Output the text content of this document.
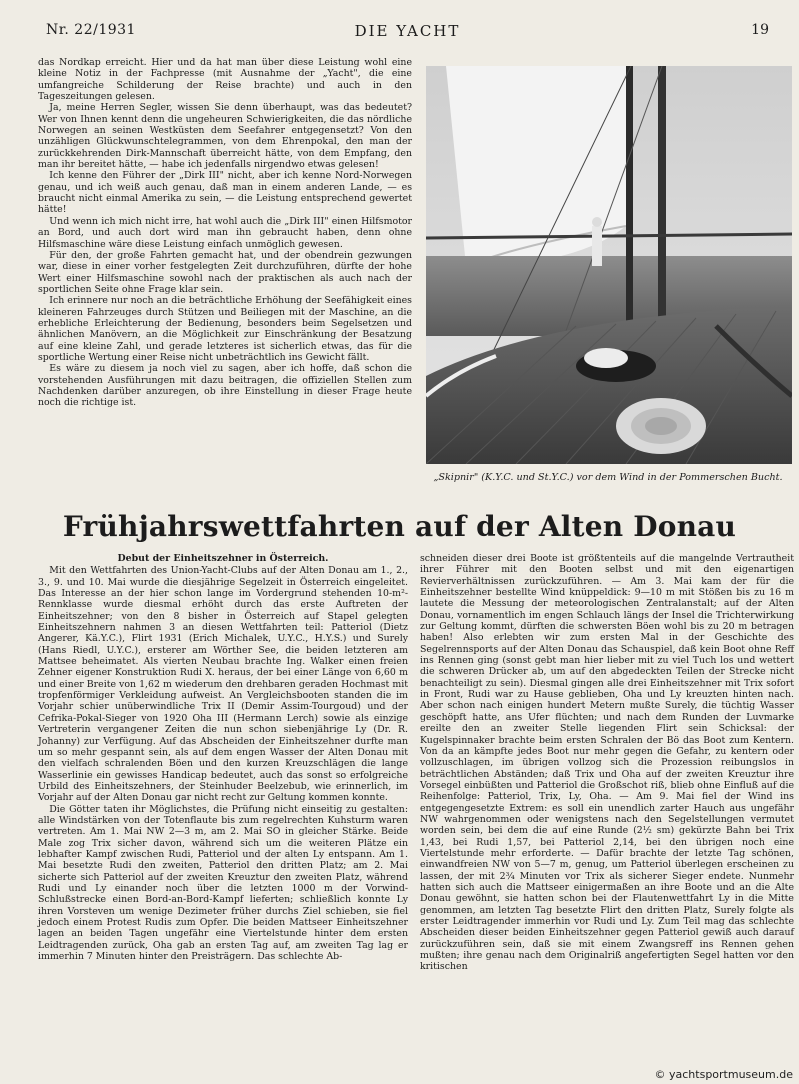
Nr. 22/1931	DIE YACHT	19

das Nordkap erreicht. Hier und da hat man über diese Leistung wohl eine kleine Notiz in der Fachpresse (mit Ausnahme der „Yacht", die eine umfangreiche Schilderung der Reise brachte) und auch in den Tageszeitungen gelesen.

Ja, meine Herren Segler, wissen Sie denn überhaupt, was das bedeutet? Wer von Ihnen kennt denn die ungeheuren Schwierigkeiten, die das nördliche Norwegen an seinen Westküsten dem Seefahrer entgegensetzt? Von den unzähligen Glückwunschtelegrammen, von dem Ehrenpokal, den man der zurückkehrenden Dirk-Mannschaft überreicht hätte, von dem Empfang, den man ihr bereitet hätte, — habe ich jedenfalls nirgendwo etwas gelesen!

Ich kenne den Führer der „Dirk III" nicht, aber ich kenne Nord-Norwegen genau, und ich weiß auch genau, daß man in einem anderen Lande, — es braucht nicht einmal Amerika zu sein, — die Leistung entsprechend gewertet hätte!

Und wenn ich mich nicht irre, hat wohl auch die „Dirk III" einen Hilfsmotor an Bord, und auch dort wird man ihn gebraucht haben, denn ohne Hilfsmaschine wäre diese Leistung einfach unmöglich gewesen.

Für den, der große Fahrten gemacht hat, und der obendrein gezwungen war, diese in einer vorher festgelegten Zeit durchzuführen, dürfte der hohe Wert einer Hilfsmaschine sowohl nach der praktischen als auch nach der sportlichen Seite ohne Frage klar sein.

Ich erinnere nur noch an die beträchtliche Erhöhung der Seefähigkeit eines kleineren Fahrzeuges durch Stützen und Beiliegen mit der Maschine, an die erhebliche Erleichterung der Bedienung, besonders beim Segelsetzen und ähnlichen Manövern, an die Möglichkeit zur Einschränkung der Besatzung auf eine kleine Zahl, und gerade letzteres ist sicherlich etwas, das für die sportliche Wertung einer Reise nicht unbeträchtlich ins Gewicht fällt.

Es wäre zu diesem ja noch viel zu sagen, aber ich hoffe, daß schon die vorstehenden Ausführungen mit dazu beitragen, die offiziellen Stellen zum Nachdenken darüber anzuregen, ob ihre Einstellung in dieser Frage heute noch die richtige ist.

„Skipnir" (K.Y.C. und St.Y.C.) vor dem Wind in der Pommerschen Bucht.
Frühjahrswettfahrten auf der Alten Donau
Debut der Einheitszehner in Österreich.

Mit den Wettfahrten des Union-Yacht-Clubs auf der Alten Donau am 1., 2., 3., 9. und 10. Mai wurde die diesjährige Segelzeit in Österreich eingeleitet. Das Interesse an der hier schon lange im Vordergrund stehenden 10-m²-Rennklasse wurde diesmal erhöht durch das erste Auftreten der Einheitszehner; von den 8 bisher in Österreich auf Stapel gelegten Einheitszehnern nahmen 3 an diesen Wettfahrten teil: Patteriol (Dietz Angerer, Kä.Y.C.), Flirt 1931 (Erich Michalek, U.Y.C., H.Y.S.) und Surely (Hans Riedl, U.Y.C.), ersterer am Wörther See, die beiden letzteren am Mattsee beheimatet. Als vierten Neubau brachte Ing. Walker einen freien Zehner eigener Konstruktion Rudi X. heraus, der bei einer Länge von 6,60 m und einer Breite von 1,62 m wiederum den drehbaren geraden Hochmast mit tropfenförmiger Verkleidung aufweist. An Vergleichsbooten standen die im Vorjahr schier unüberwindliche Trix II (Demir Assim-Tourgoud) und der Cefrika-Pokal-Sieger von 1920 Oha III (Hermann Lerch) sowie als einzige Vertreterin vergangener Zeiten die nun schon siebenjährige Ly (Dr. R. Johanny) zur Verfügung. Auf das Abscheiden der Einheitszehner durfte man um so mehr gespannt sein, als auf dem engen Wasser der Alten Donau mit den vielfach schralenden Böen und den kurzen Kreuzschlägen die lange Wasserlinie ein gewisses Handicap bedeutet, auch das sonst so erfolgreiche Urbild des Einheitszehners, der Steinhuder Beelzebub, wie erinnerlich, im Vorjahr auf der Alten Donau gar nicht recht zur Geltung kommen konnte.

Die Götter taten ihr Möglichstes, die Prüfung nicht einseitig zu gestalten: alle Windstärken von der Totenflaute bis zum regelrechten Kuhsturm waren vertreten. Am 1. Mai NW 2—3 m, am 2. Mai SO in gleicher Stärke. Beide Male zog Trix sicher davon, während sich um die weiteren Plätze ein lebhafter Kampf zwischen Rudi, Patteriol und der alten Ly entspann. Am 1. Mai besetzte Rudi den zweiten, Patteriol den dritten Platz; am 2. Mai sicherte sich Patteriol auf der zweiten Kreuztur den zweiten Platz, während Rudi und Ly einander noch über die letzten 1000 m der Vorwind-Schlußstrecke einen Bord-an-Bord-Kampf lieferten; schließlich konnte Ly ihren Vorsteven um wenige Dezimeter früher durchs Ziel schieben, sie fiel jedoch einem Protest Rudis zum Opfer. Die beiden Mattseer Einheitszehner lagen an beiden Tagen ungefähr eine Viertelstunde hinter dem ersten Leidtragenden zurück, Oha gab an ersten Tag auf, am zweiten Tag lag er immerhin 7 Minuten hinter den Preisträgern. Das schlechte Ab-

schneiden dieser drei Boote ist größtenteils auf die mangelnde Vertrautheit ihrer Führer mit den Booten selbst und mit den eigenartigen Revierverhältnissen zurückzuführen. — Am 3. Mai kam der für die Einheitszehner bestellte Wind knüppeldick: 9—10 m mit Stößen bis zu 16 m lautete die Messung der meteorologischen Zentralanstalt; auf der Alten Donau, vornamentlich im engen Schlauch längs der Insel die Trichterwirkung zur Geltung kommt, dürften die schwersten Böen wohl bis zu 20 m betragen haben! Also erlebten wir zum ersten Mal in der Geschichte des Segelrennsports auf der Alten Donau das Schauspiel, daß kein Boot ohne Reff ins Rennen ging (sonst gebt man hier lieber mit zu viel Tuch los und wettert die schweren Drücker ab, um auf den abgedeckten Teilen der Strecke nicht benachteiligt zu sein). Diesmal gingen alle drei Einheitszehner mit Trix sofort in Front, Rudi war zu Hause geblieben, Oha und Ly kreuzten hinten nach. Aber schon nach einigen hundert Metern mußte Surely, die tüchtig Wasser geschöpft hatte, ans Ufer flüchten; und nach dem Runden der Luvmarke ereilte den an zweiter Stelle liegenden Flirt sein Schicksal: der Kugelspinnaker brachte beim ersten Schralen der Bö das Boot zum Kentern. Von da an kämpfte jedes Boot nur mehr gegen die Gefahr, zu kentern oder vollzuschlagen, im übrigen vollzog sich die Prozession reibungslos in beträchtlichen Abständen; daß Trix und Oha auf der zweiten Kreuztur ihre Vorsegel einbüßten und Patteriol die Großschot riß, blieb ohne Einfluß auf die Reihenfolge: Patteriol, Trix, Ly, Oha. — Am 9. Mai fiel der Wind ins entgegengesetzte Extrem: es soll ein unendlich zarter Hauch aus ungefähr NW wahrgenommen oder wenigstens nach den Segelstellungen vermutet worden sein, bei dem die auf eine Runde (2½ sm) gekürzte Bahn bei Trix 1,43, bei Rudi 1,57, bei Patteriol 2,14, bei den übrigen noch eine Viertelstunde mehr erforderte. — Dafür brachte der letzte Tag schönen, einwandfreien NW von 5—7 m, genug, um Patteriol überlegen erscheinen zu lassen, der mit 2¾ Minuten vor Trix als sicherer Sieger endete. Nunmehr hatten sich auch die Mattseer einigermaßen an ihre Boote und an die Alte Donau gewöhnt, sie hatten schon bei der Flautenwettfahrt Ly in die Mitte genommen, am letzten Tag besetzte Flirt den dritten Platz, Surely folgte als erster Leidtragender immerhin vor Rudi und Ly. Zum Teil mag das schlechte Abscheiden dieser beiden Einheitszehner gegen Patteriol gewiß auch darauf zurückzuführen sein, daß sie mit einem Zwangsreff ins Rennen gehen mußten; ihre genau nach dem Originalriß angefertigten Segel hatten vor den kritischen

© yachtsportmuseum.de
